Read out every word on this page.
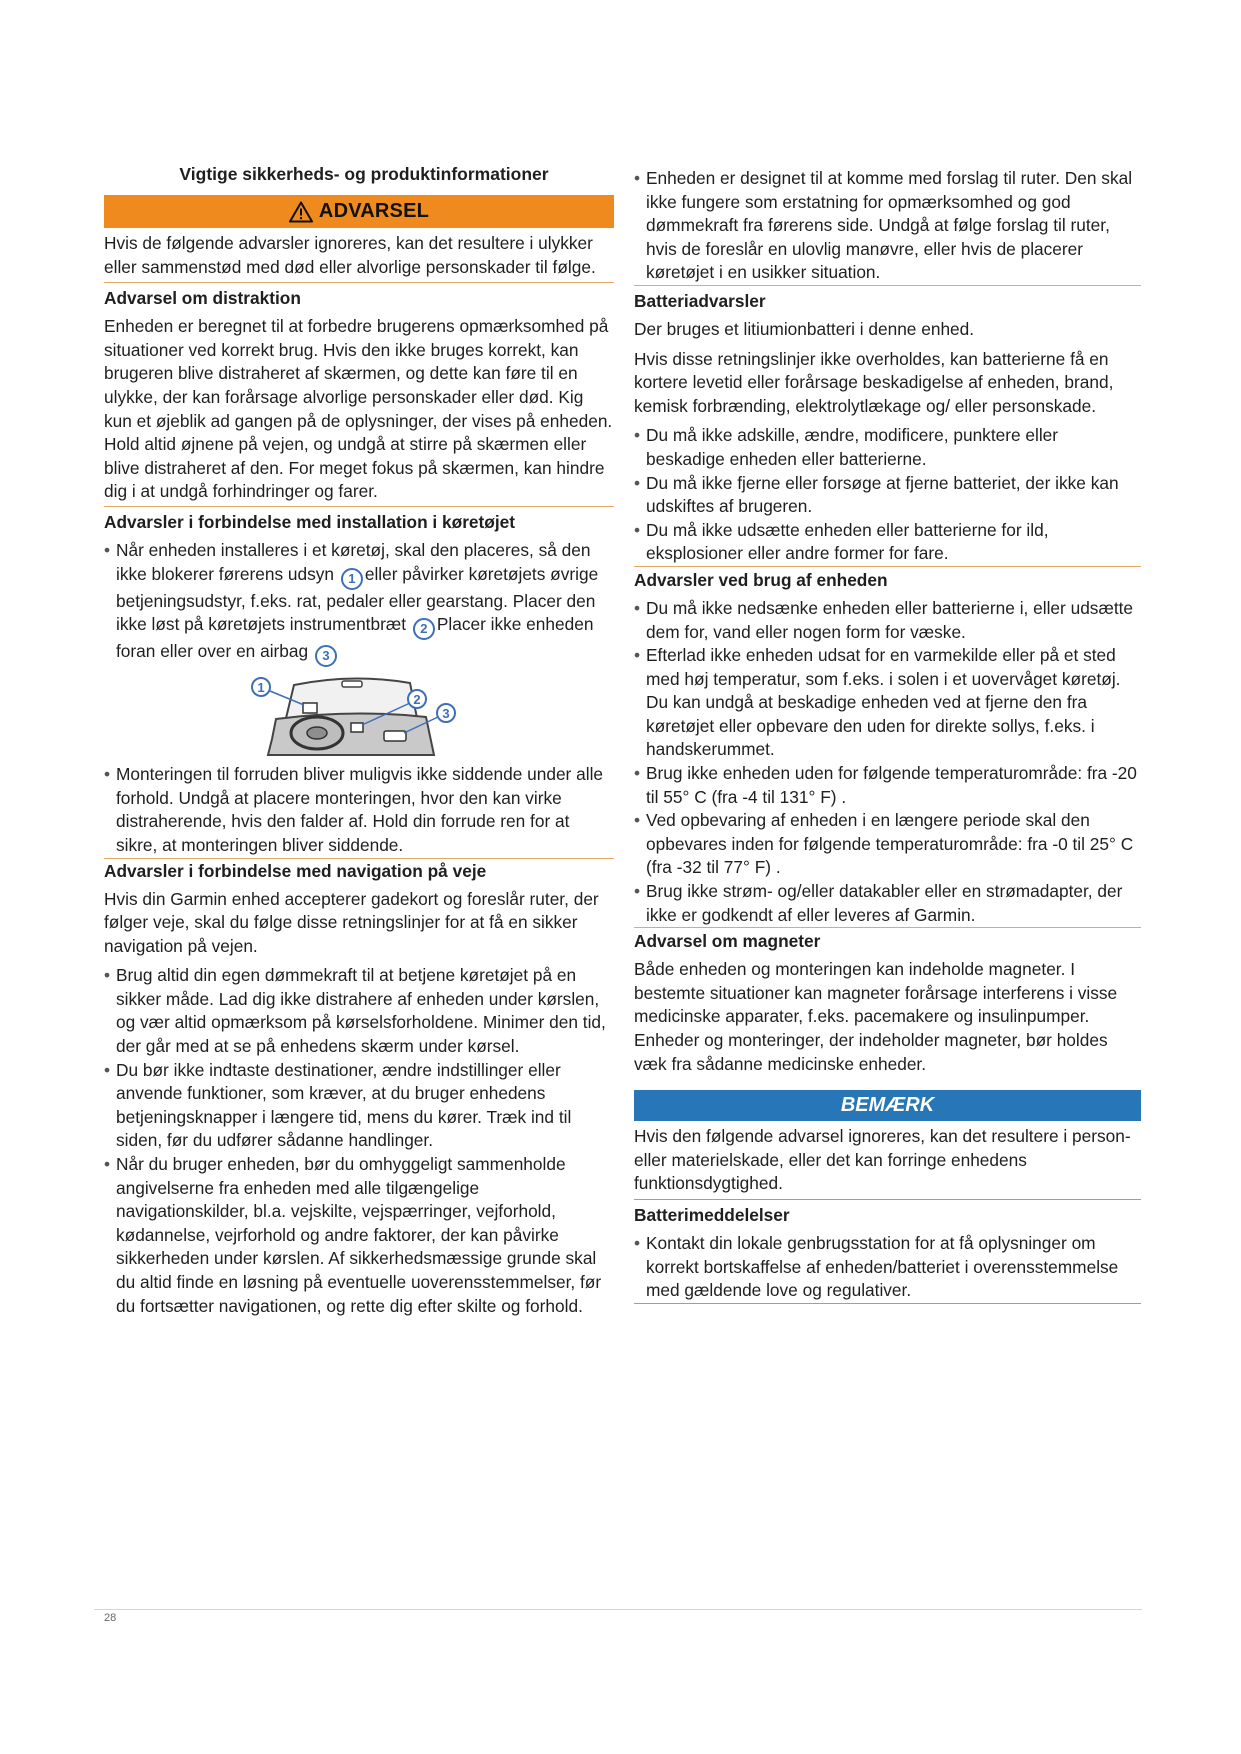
Vigtige sikkerheds- og produktinformationer
ADVARSEL

Hvis de følgende advarsler ignoreres, kan det resultere i ulykker eller sammenstød med død eller alvorlige personskader til følge.

Advarsel om distraktion

Enheden er beregnet til at forbedre brugerens opmærksomhed på situationer ved korrekt brug. Hvis den ikke bruges korrekt, kan brugeren blive distraheret af skærmen, og dette kan føre til en ulykke, der kan forårsage alvorlige personskader eller død. Kig kun et øjeblik ad gangen på de oplysninger, der vises på enheden. Hold altid øjnene på vejen, og undgå at stirre på skærmen eller blive distraheret af den. For meget fokus på skærmen, kan hindre dig i at undgå forhindringer og farer.

Advarsler i forbindelse med installation i køretøjet
• Når enheden installeres i et køretøj, skal den placeres, så den ikke blokerer førerens udsyn 1 eller påvirker køretøjets øvrige betjeningsudstyr, f.eks. rat, pedaler eller gearstang. Placer den ikke løst på køretøjets instrumentbræt 2 Placer ikke enheden foran eller over en airbag 3
1
2
3
• Monteringen til forruden bliver muligvis ikke siddende under alle forhold. Undgå at placere monteringen, hvor den kan virke distraherende, hvis den falder af. Hold din forrude ren for at sikre, at monteringen bliver siddende.
Advarsler i forbindelse med navigation på veje

Hvis din Garmin enhed accepterer gadekort og foreslår ruter, der følger veje, skal du følge disse retningslinjer for at få en sikker navigation på vejen.

• Brug altid din egen dømmekraft til at betjene køretøjet på en sikker måde. Lad dig ikke distrahere af enheden under kørslen, og vær altid opmærksom på kørselsforholdene. Minimer den tid, der går med at se på enhedens skærm under kørsel.
• Du bør ikke indtaste destinationer, ændre indstillinger eller anvende funktioner, som kræver, at du bruger enhedens betjeningsknapper i længere tid, mens du kører. Træk ind til siden, før du udfører sådanne handlinger.
• Når du bruger enheden, bør du omhyggeligt sammenholde angivelserne fra enheden med alle tilgængelige navigationskilder, bl.a. vejskilte, vejspærringer, vejforhold, kødannelse, vejrforhold og andre faktorer, der kan påvirke sikkerheden under kørslen. Af sikkerhedsmæssige grunde skal du altid finde en løsning på eventuelle uoverensstemmelser, før du fortsætter navigationen, og rette dig efter skilte og forhold.
• Enheden er designet til at komme med forslag til ruter. Den skal ikke fungere som erstatning for opmærksomhed og god dømmekraft fra førerens side. Undgå at følge forslag til ruter, hvis de foreslår en ulovlig manøvre, eller hvis de placerer køretøjet i en usikker situation.
Batteriadvarsler

Der bruges et litiumionbatteri i denne enhed.

Hvis disse retningslinjer ikke overholdes, kan batterierne få en kortere levetid eller forårsage beskadigelse af enheden, brand, kemisk forbrænding, elektrolytlækage og/ eller personskade.

• Du må ikke adskille, ændre, modificere, punktere eller beskadige enheden eller batterierne.
• Du må ikke fjerne eller forsøge at fjerne batteriet, der ikke kan udskiftes af brugeren.
• Du må ikke udsætte enheden eller batterierne for ild, eksplosioner eller andre former for fare.
Advarsler ved brug af enheden
• Du må ikke nedsænke enheden eller batterierne i, eller udsætte dem for, vand eller nogen form for væske.
• Efterlad ikke enheden udsat for en varmekilde eller på et sted med høj temperatur, som f.eks. i solen i et uovervåget køretøj. Du kan undgå at beskadige enheden ved at fjerne den fra køretøjet eller opbevare den uden for direkte sollys, f.eks. i handskerummet.
• Brug ikke enheden uden for følgende temperaturområde: fra -20 til 55° C (fra -4 til 131° F) .
• Ved opbevaring af enheden i en længere periode skal den opbevares inden for følgende temperaturområde: fra -0 til 25° C (fra -32 til 77° F) .
• Brug ikke strøm- og/eller datakabler eller en strømadapter, der ikke er godkendt af eller leveres af Garmin.
Advarsel om magneter

Både enheden og monteringen kan indeholde magneter. I bestemte situationer kan magneter forårsage interferens i visse medicinske apparater, f.eks. pacemakere og insulinpumper. Enheder og monteringer, der indeholder magneter, bør holdes væk fra sådanne medicinske enheder.

BEMÆRK

Hvis den følgende advarsel ignoreres, kan det resultere i person- eller materielskade, eller det kan forringe enhedens funktionsdygtighed.

Batterimeddelelser
• Kontakt din lokale genbrugsstation for at få oplysninger om korrekt bortskaffelse af enheden/batteriet i overensstemmelse med gældende love og regulativer.
28
